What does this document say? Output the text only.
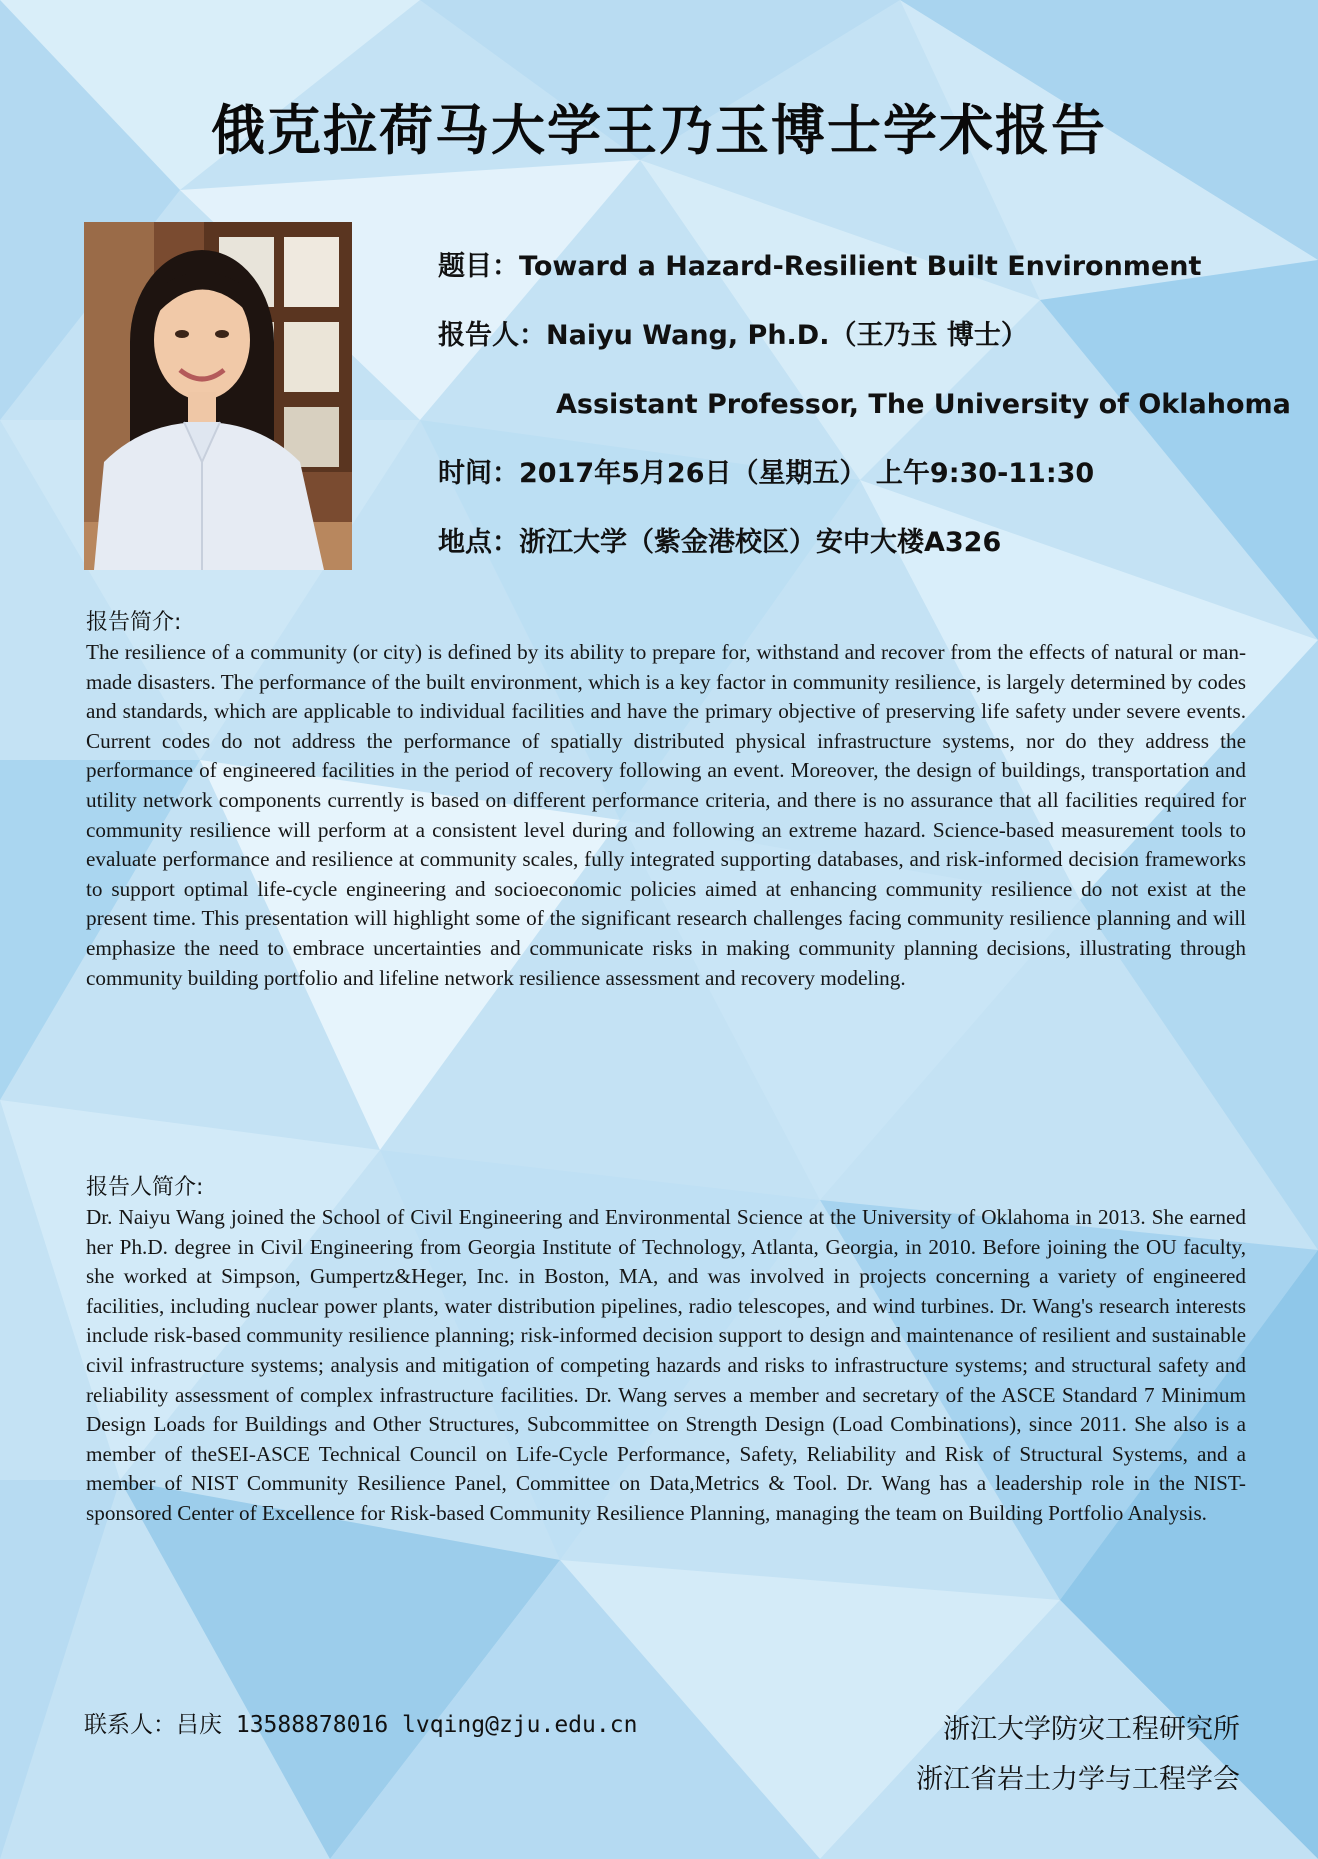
俄克拉荷马大学王乃玉博士学术报告

题目：Toward a Hazard-Resilient Built Environment

报告人：Naiyu Wang, Ph.D.（王乃玉 博士）

Assistant Professor, The University of Oklahoma

时间：2017年5月26日（星期五） 上午9:30-11:30

地点：浙江大学（紫金港校区）安中大楼A326

报告简介:

The resilience of a community (or city) is defined by its ability to prepare for, withstand and recover from the effects of natural or man-made disasters. The performance of the built environment, which is a key factor in community resilience, is largely determined by codes and standards, which are applicable to individual facilities and have the primary objective of preserving life safety under severe events. Current codes do not address the performance of spatially distributed physical infrastructure systems, nor do they address the performance of engineered facilities in the period of recovery following an event. Moreover, the design of buildings, transportation and utility network components currently is based on different performance criteria, and there is no assurance that all facilities required for community resilience will perform at a consistent level during and following an extreme hazard. Science-based measurement tools to evaluate performance and resilience at community scales, fully integrated supporting databases, and risk-informed decision frameworks to support optimal life-cycle engineering and socioeconomic policies aimed at enhancing community resilience do not exist at the present time. This presentation will highlight some of the significant research challenges facing community resilience planning and will emphasize the need to embrace uncertainties and communicate risks in making community planning decisions, illustrating through community building portfolio and lifeline network resilience assessment and recovery modeling.

报告人简介:

Dr. Naiyu Wang joined the School of Civil Engineering and Environmental Science at the University of Oklahoma in 2013. She earned her Ph.D. degree in Civil Engineering from Georgia Institute of Technology, Atlanta, Georgia, in 2010. Before joining the OU faculty, she worked at Simpson, Gumpertz&Heger, Inc. in Boston, MA, and was involved in projects concerning a variety of engineered facilities, including nuclear power plants, water distribution pipelines, radio telescopes, and wind turbines. Dr. Wang's research interests include risk-based community resilience planning; risk-informed decision support to design and maintenance of resilient and sustainable civil infrastructure systems; analysis and mitigation of competing hazards and risks to infrastructure systems; and structural safety and reliability assessment of complex infrastructure facilities. Dr. Wang serves a member and secretary of the ASCE Standard 7 Minimum Design Loads for Buildings and Other Structures, Subcommittee on Strength Design (Load Combinations), since 2011. She also is a member of theSEI-ASCE Technical Council on Life-Cycle Performance, Safety, Reliability and Risk of Structural Systems, and a member of NIST Community Resilience Panel, Committee on Data,Metrics & Tool. Dr. Wang has a leadership role in the NIST-sponsored Center of Excellence for Risk-based Community Resilience Planning, managing the team on Building Portfolio Analysis.

联系人：吕庆 13588878016 lvqing@zju.edu.cn	浙江大学防灾工程研究所
浙江省岩土力学与工程学会
